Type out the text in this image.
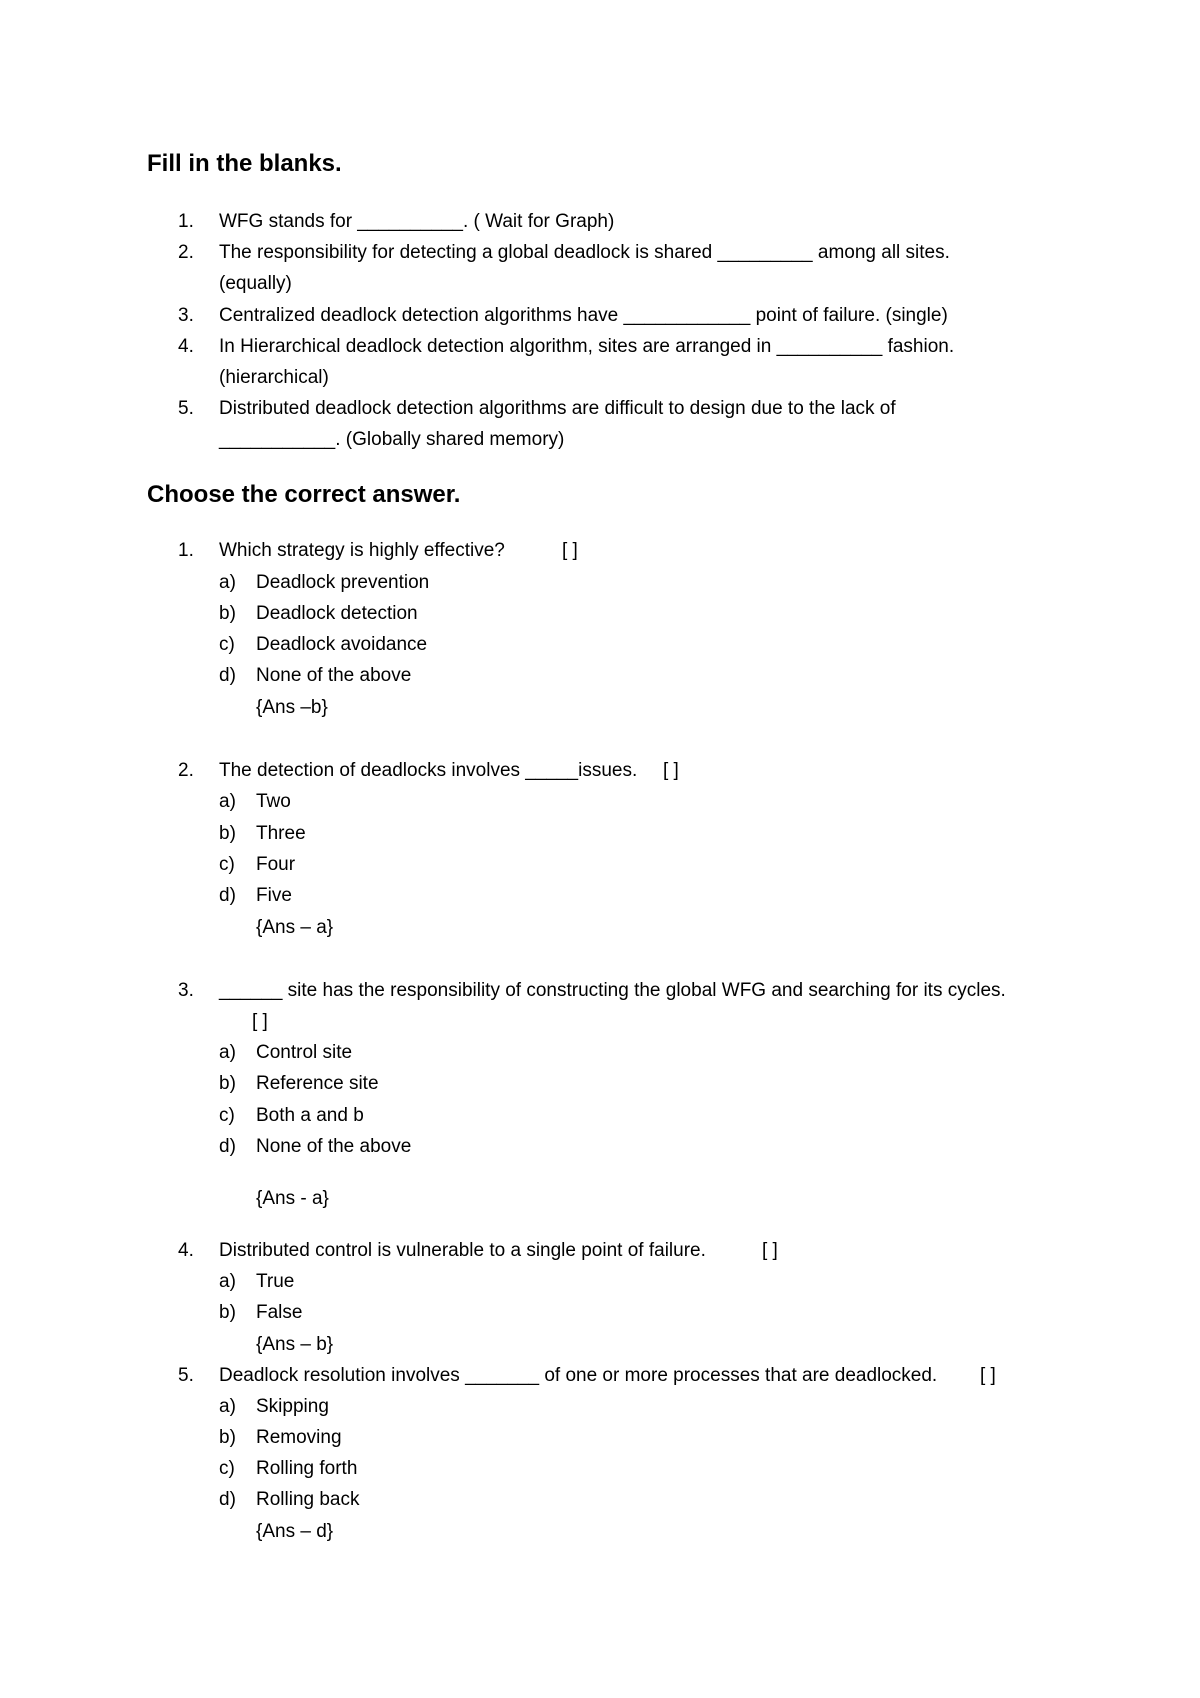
Fill in the blanks.
1. WFG stands for __________. ( Wait for Graph)
2. The responsibility for detecting a global deadlock is shared _________ among all sites.
(equally)
3. Centralized deadlock detection algorithms have ____________ point of failure. (single)
4. In Hierarchical deadlock detection algorithm, sites are arranged in __________ fashion.
(hierarchical)
5. Distributed deadlock detection algorithms are difficult to design due to the lack of
___________. (Globally shared memory)
Choose the correct answer.
1. Which strategy is highly effective?	[ ]
a) Deadlock prevention
b) Deadlock detection
c) Deadlock avoidance
d) None of the above
{Ans –b}
2. The detection of deadlocks involves _____issues. [ ]
a) Two
b) Three
c) Four
d) Five
{Ans – a}
3. ______ site has the responsibility of constructing the global WFG and searching for its cycles.
[ ]
a) Control site
b) Reference site
c) Both a and b
d) None of the above
{Ans - a}
4. Distributed control is vulnerable to a single point of failure.	[ ]
a) True
b) False
{Ans – b}
5. Deadlock resolution involves _______ of one or more processes that are deadlocked. [ ]
a) Skipping
b) Removing
c) Rolling forth
d) Rolling back
{Ans – d}
